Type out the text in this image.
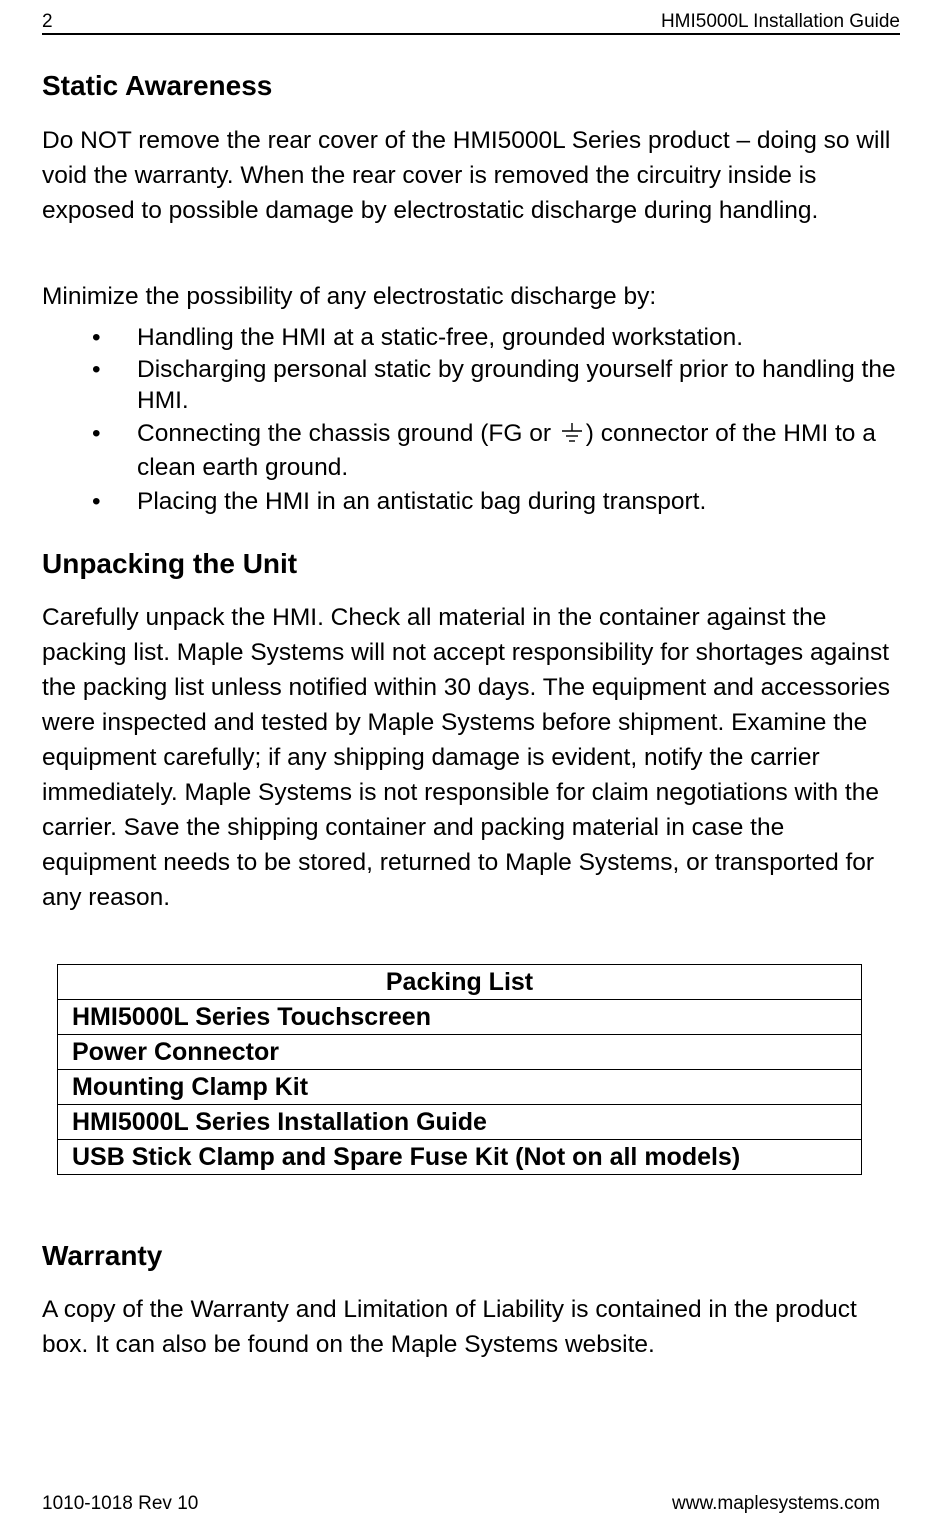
2	HMI5000L Installation Guide
Static Awareness

Do NOT remove the rear cover of the HMI5000L Series product – doing so will void the warranty. When the rear cover is removed the circuitry inside is exposed to possible damage by electrostatic discharge during handling.

Minimize the possibility of any electrostatic discharge by:

• Handling the HMI at a static-free, grounded workstation.
• Discharging personal static by grounding yourself prior to handling the HMI.
• Connecting the chassis ground (FG or ) connector of the HMI to a clean earth ground.
• Placing the HMI in an antistatic bag during transport.
Unpacking the Unit

Carefully unpack the HMI. Check all material in the container against the packing list. Maple Systems will not accept responsibility for shortages against the packing list unless notified within 30 days. The equipment and accessories were inspected and tested by Maple Systems before shipment. Examine the equipment carefully; if any shipping damage is evident, notify the carrier immediately. Maple Systems is not responsible for claim negotiations with the carrier. Save the shipping container and packing material in case the equipment needs to be stored, returned to Maple Systems, or transported for any reason.

Packing List
HMI5000L Series Touchscreen
Power Connector
Mounting Clamp Kit
HMI5000L Series Installation Guide
USB Stick Clamp and Spare Fuse Kit (Not on all models)
Warranty

A copy of the Warranty and Limitation of Liability is contained in the product box. It can also be found on the Maple Systems website.

1010-1018 Rev 10	www.maplesystems.com
